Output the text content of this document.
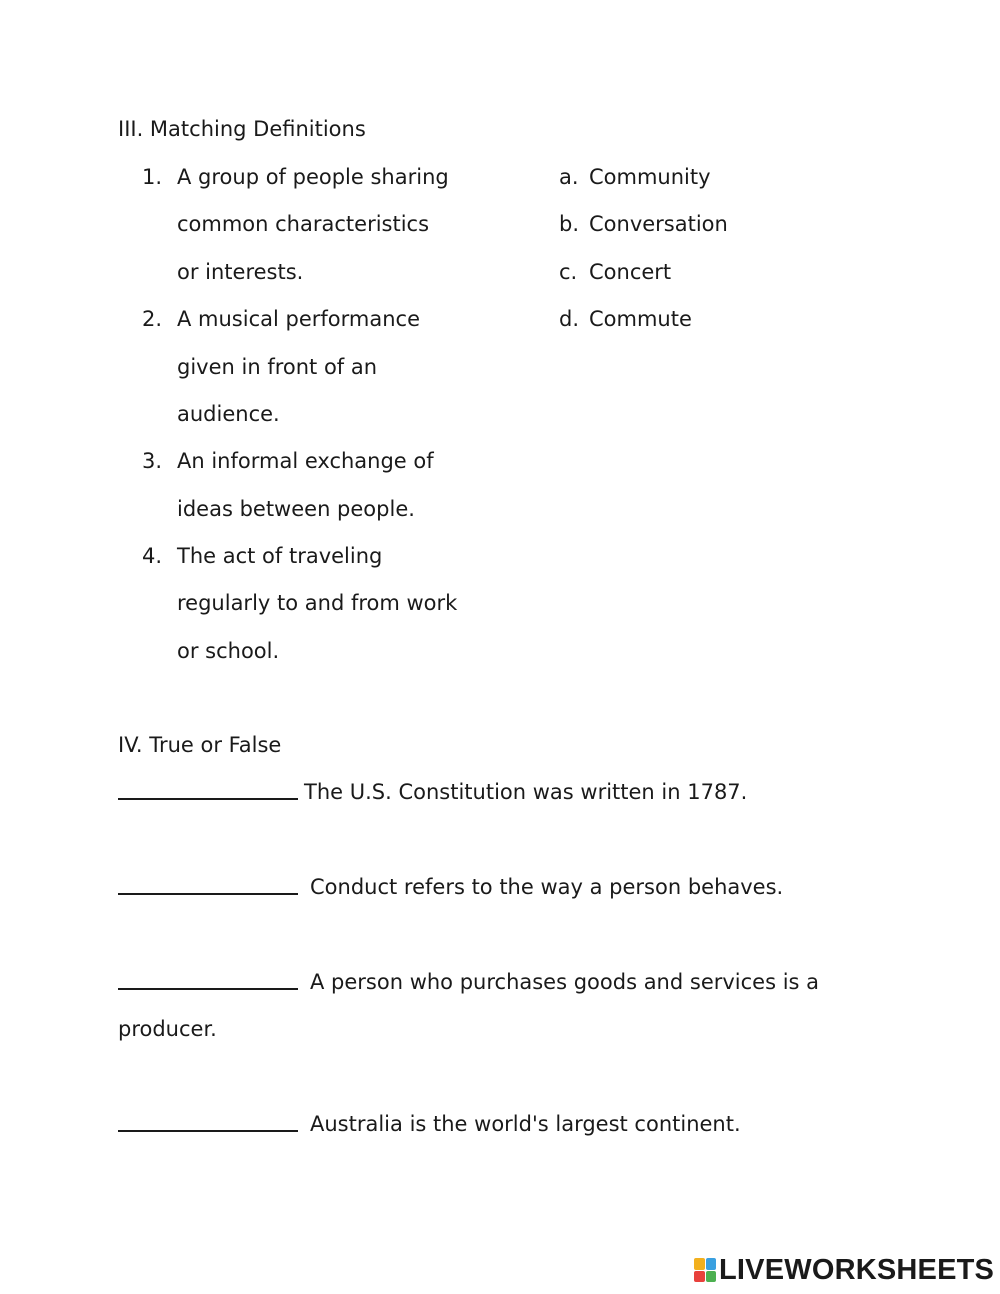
III. Matching Definitions
1. A group of people sharing
common characteristics
or interests.
2. A musical performance
given in front of an
audience.
3. An informal exchange of
ideas between people.
4. The act of traveling
regularly to and from work
or school.
a. Community
b. Conversation
c. Concert
d. Commute
IV. True or False
The U.S. Constitution was written in 1787.
Conduct refers to the way a person behaves.
A person who purchases goods and services is a
producer.
Australia is the world's largest continent.
LIVEWORKSHEETS
